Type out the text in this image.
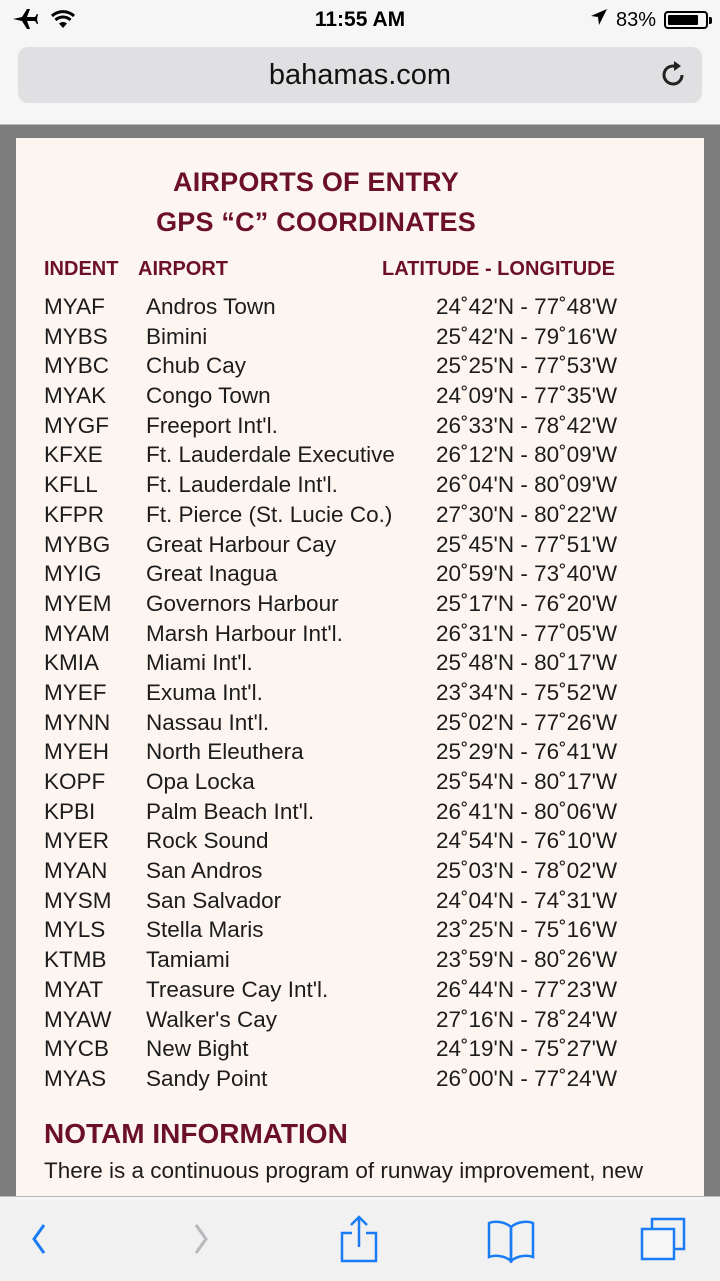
11:55 AM	83%
bahamas.com
AIRPORTS OF ENTRY
GPS “C” COORDINATES
INDENT AIRPORT	LATITUDE - LONGITUDE
MYAF Andros Town	24˚42'N - 77˚48'W
MYBS Bimini	25˚42'N - 79˚16'W
MYBC Chub Cay	25˚25'N - 77˚53'W
MYAK Congo Town	24˚09'N - 77˚35'W
MYGF Freeport Int'l.	26˚33'N - 78˚42'W
KFXE Ft. Lauderdale Executive 26˚12'N - 80˚09'W
KFLL Ft. Lauderdale Int'l.	26˚04'N - 80˚09'W
KFPR Ft. Pierce (St. Lucie Co.) 27˚30'N - 80˚22'W
MYBG Great Harbour Cay	25˚45'N - 77˚51'W
MYIG Great Inagua	20˚59'N - 73˚40'W
MYEM Governors Harbour	25˚17'N - 76˚20'W
MYAM Marsh Harbour Int'l.	26˚31'N - 77˚05'W
KMIA Miami Int'l.	25˚48'N - 80˚17'W
MYEF Exuma Int'l.	23˚34'N - 75˚52'W
MYNN Nassau Int'l.	25˚02'N - 77˚26'W
MYEH North Eleuthera	25˚29'N - 76˚41'W
KOPF Opa Locka	25˚54'N - 80˚17'W
KPBI Palm Beach Int'l.	26˚41'N - 80˚06'W
MYER Rock Sound	24˚54'N - 76˚10'W
MYAN San Andros	25˚03'N - 78˚02'W
MYSM San Salvador	24˚04'N - 74˚31'W
MYLS Stella Maris	23˚25'N - 75˚16'W
KTMB Tamiami	23˚59'N - 80˚26'W
MYAT Treasure Cay Int'l.	26˚44'N - 77˚23'W
MYAW Walker's Cay	27˚16'N - 78˚24'W
MYCB New Bight	24˚19'N - 75˚27'W
MYAS Sandy Point	26˚00'N - 77˚24'W
NOTAM INFORMATION
There is a continuous program of runway improvement, new
